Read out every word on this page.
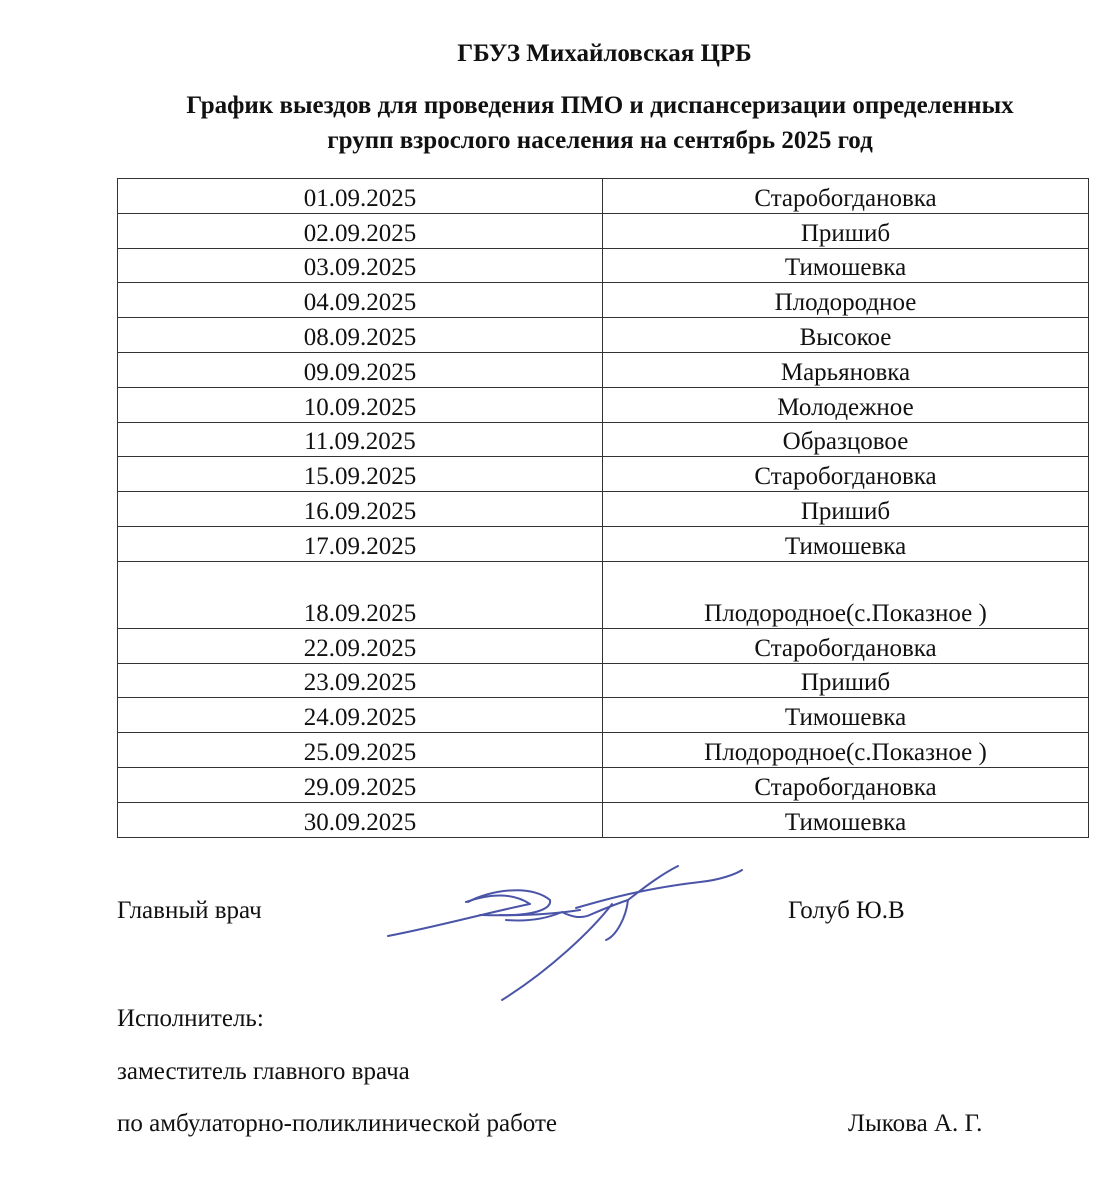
ГБУЗ Михайловская ЦРБ
График выездов для проведения ПМО и диспансеризации определенных
групп взрослого населения на сентябрь 2025 год
01.09.2025	Старобогдановка
02.09.2025	Пришиб
03.09.2025	Тимошевка
04.09.2025	Плодородное
08.09.2025	Высокое
09.09.2025	Марьяновка
10.09.2025	Молодежное
11.09.2025	Образцовое
15.09.2025	Старобогдановка
16.09.2025	Пришиб
17.09.2025	Тимошевка
18.09.2025	Плодородное(с.Показное )
22.09.2025	Старобогдановка
23.09.2025	Пришиб
24.09.2025	Тимошевка
25.09.2025	Плодородное(с.Показное )
29.09.2025	Старобогдановка
30.09.2025	Тимошевка
Главный врач	Голуб Ю.В
Исполнитель:
заместитель главного врача
по амбулаторно-поликлинической работе	Лыкова А. Г.
